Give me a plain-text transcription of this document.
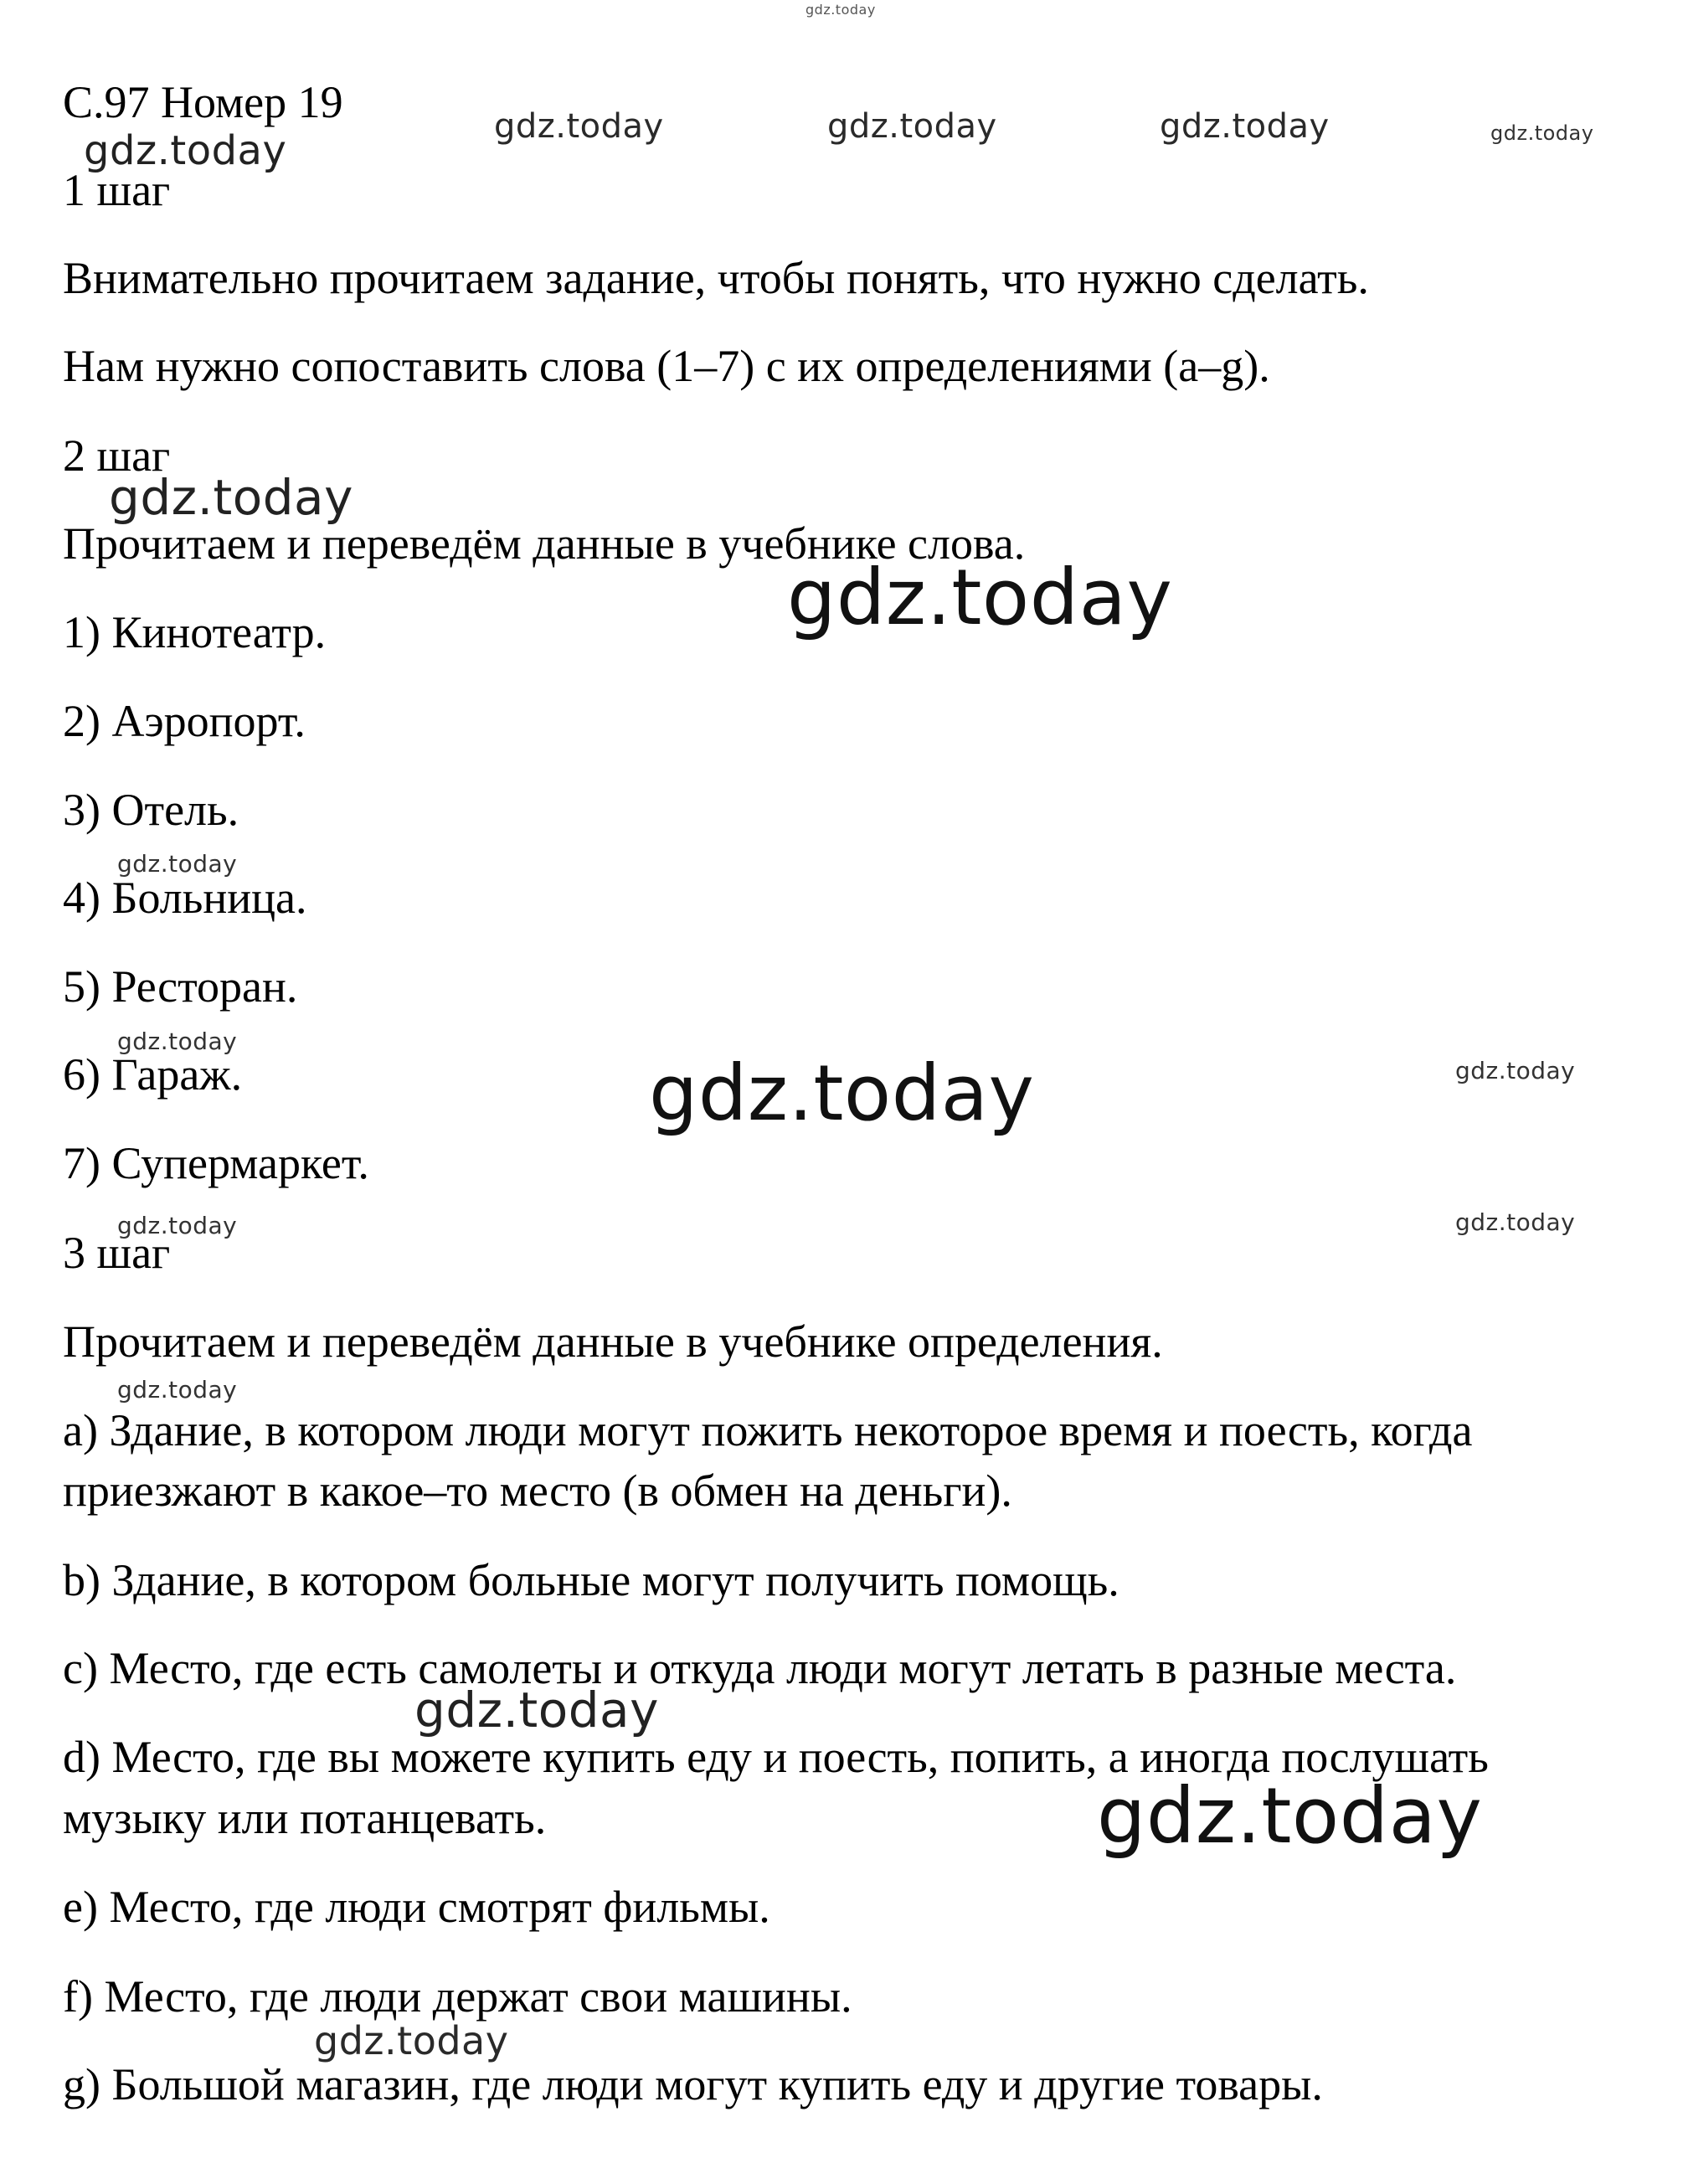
С.97 Номер 19
1 шаг

Внимательно прочитаем задание, чтобы понять, что нужно сделать.

Нам нужно сопоставить слова (1–7) с их определениями (a–g).

2 шаг

Прочитаем и переведём данные в учебнике слова.

1) Кинотеатр.

2) Аэропорт.

3) Отель.

4) Больница.

5) Ресторан.

6) Гараж.

7) Супермаркет.

3 шаг

Прочитаем и переведём данные в учебнике определения.

a) Здание, в котором люди могут пожить некоторое время и поесть, когда

приезжают в какое–то место (в обмен на деньги).

b) Здание, в котором больные могут получить помощь.

c) Место, где есть самолеты и откуда люди могут летать в разные места.

d) Место, где вы можете купить еду и поесть, попить, а иногда послушать

музыку или потанцевать.

e) Место, где люди смотрят фильмы.

f) Место, где люди держат свои машины.

g) Большой магазин, где люди могут купить еду и другие товары.

gdz.today
gdz.today	gdz.today	gdz.today	gdz.today
gdz.today
gdz.today
gdz.today
gdz.today
gdz.today
gdz.today	gdz.today
gdz.today	gdz.today
gdz.today
gdz.today
gdz.today
gdz.today
